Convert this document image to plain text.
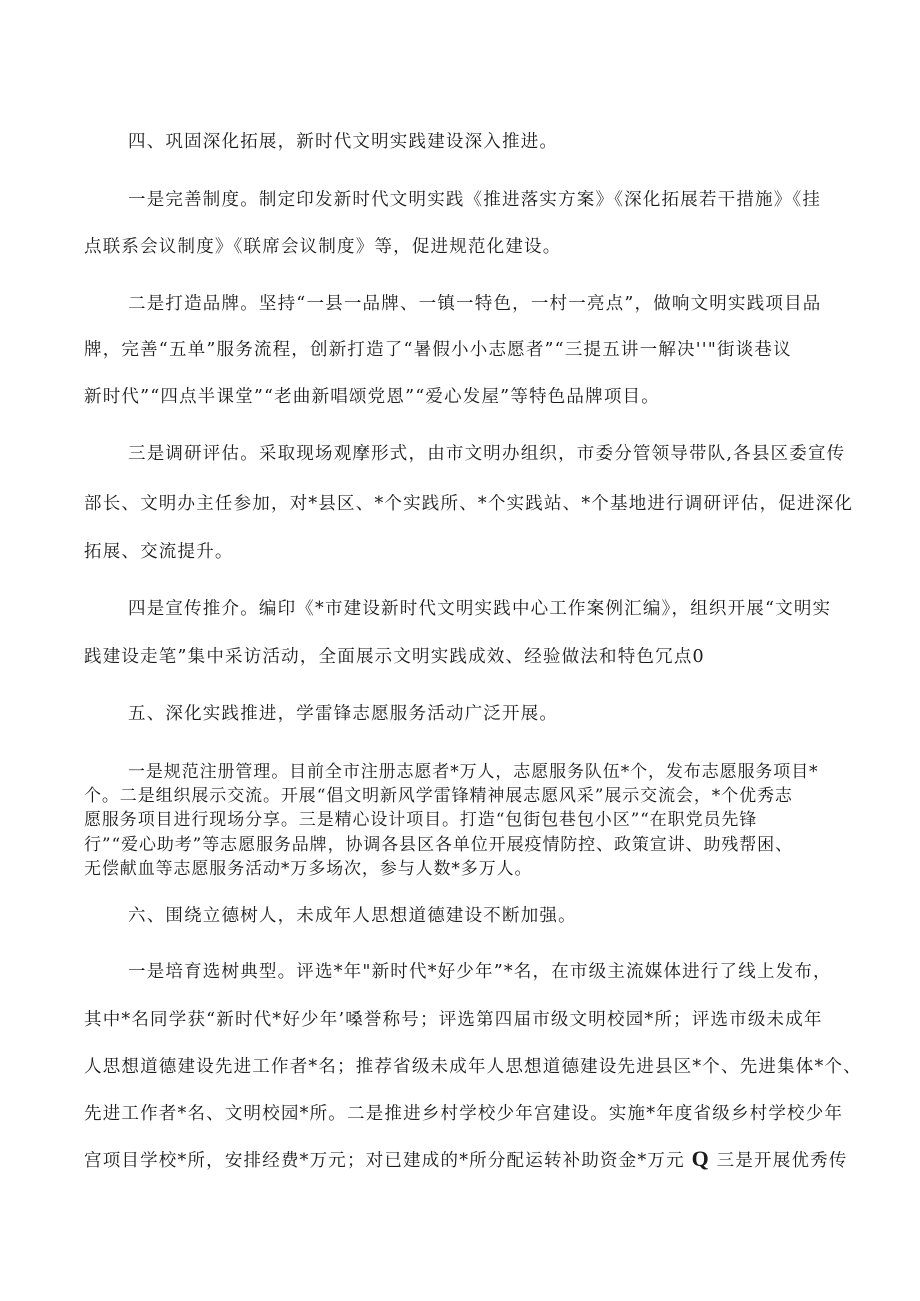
四、巩固深化拓展，新时代文明实践建设深入推进。
一是完善制度。制定印发新时代文明实践《推进落实方案》《深化拓展若干措施》《挂
点联系会议制度》《联席会议制度》等，促进规范化建设。
二是打造品牌。坚持“一县一品牌、一镇一特色，一村一亮点”，做响文明实践项目品
牌，完善“五单”服务流程，创新打造了“暑假小小志愿者”“三提五讲一解决''"街谈巷议
新时代”“四点半课堂”“老曲新唱颂党恩”“爱心发屋”等特色品牌项目。
三是调研评估。采取现场观摩形式，由市文明办组织，市委分管领导带队,各县区委宣传
部长、文明办主任参加，对*县区、*个实践所、*个实践站、*个基地进行调研评估，促进深化
拓展、交流提升。
四是宣传推介。编印《*市建设新时代文明实践中心工作案例汇编》，组织开展“文明实
践建设走笔”集中采访活动，全面展示文明实践成效、经验做法和特色冗点0
五、深化实践推进，学雷锋志愿服务活动广泛开展。
一是规范注册管理。目前全市注册志愿者*万人，志愿服务队伍*个，发布志愿服务项目*
个。二是组织展示交流。开展“倡文明新风学雷锋精神展志愿风采”展示交流会，*个优秀志
愿服务项目进行现场分享。三是精心设计项目。打造“包街包巷包小区”“在职党员先锋
行”“爱心助考”等志愿服务品牌，协调各县区各单位开展疫情防控、政策宣讲、助残帮困、
无偿献血等志愿服务活动*万多场次，参与人数*多万人。
六、围绕立德树人，未成年人思想道德建设不断加强。
一是培育选树典型。评选*年"新时代*好少年”*名，在市级主流媒体进行了线上发布，
其中*名同学获“新时代*好少年’嗓誉称号；评选第四届市级文明校园*所；评选市级未成年
人思想道德建设先进工作者*名；推荐省级未成年人思想道德建设先进县区*个、先进集体*个、
先进工作者*名、文明校园*所。二是推进乡村学校少年宫建设。实施*年度省级乡村学校少年
宫项目学校*所，安排经费*万元；对已建成的*所分配运转补助资金*万元 Q 三是开展优秀传
